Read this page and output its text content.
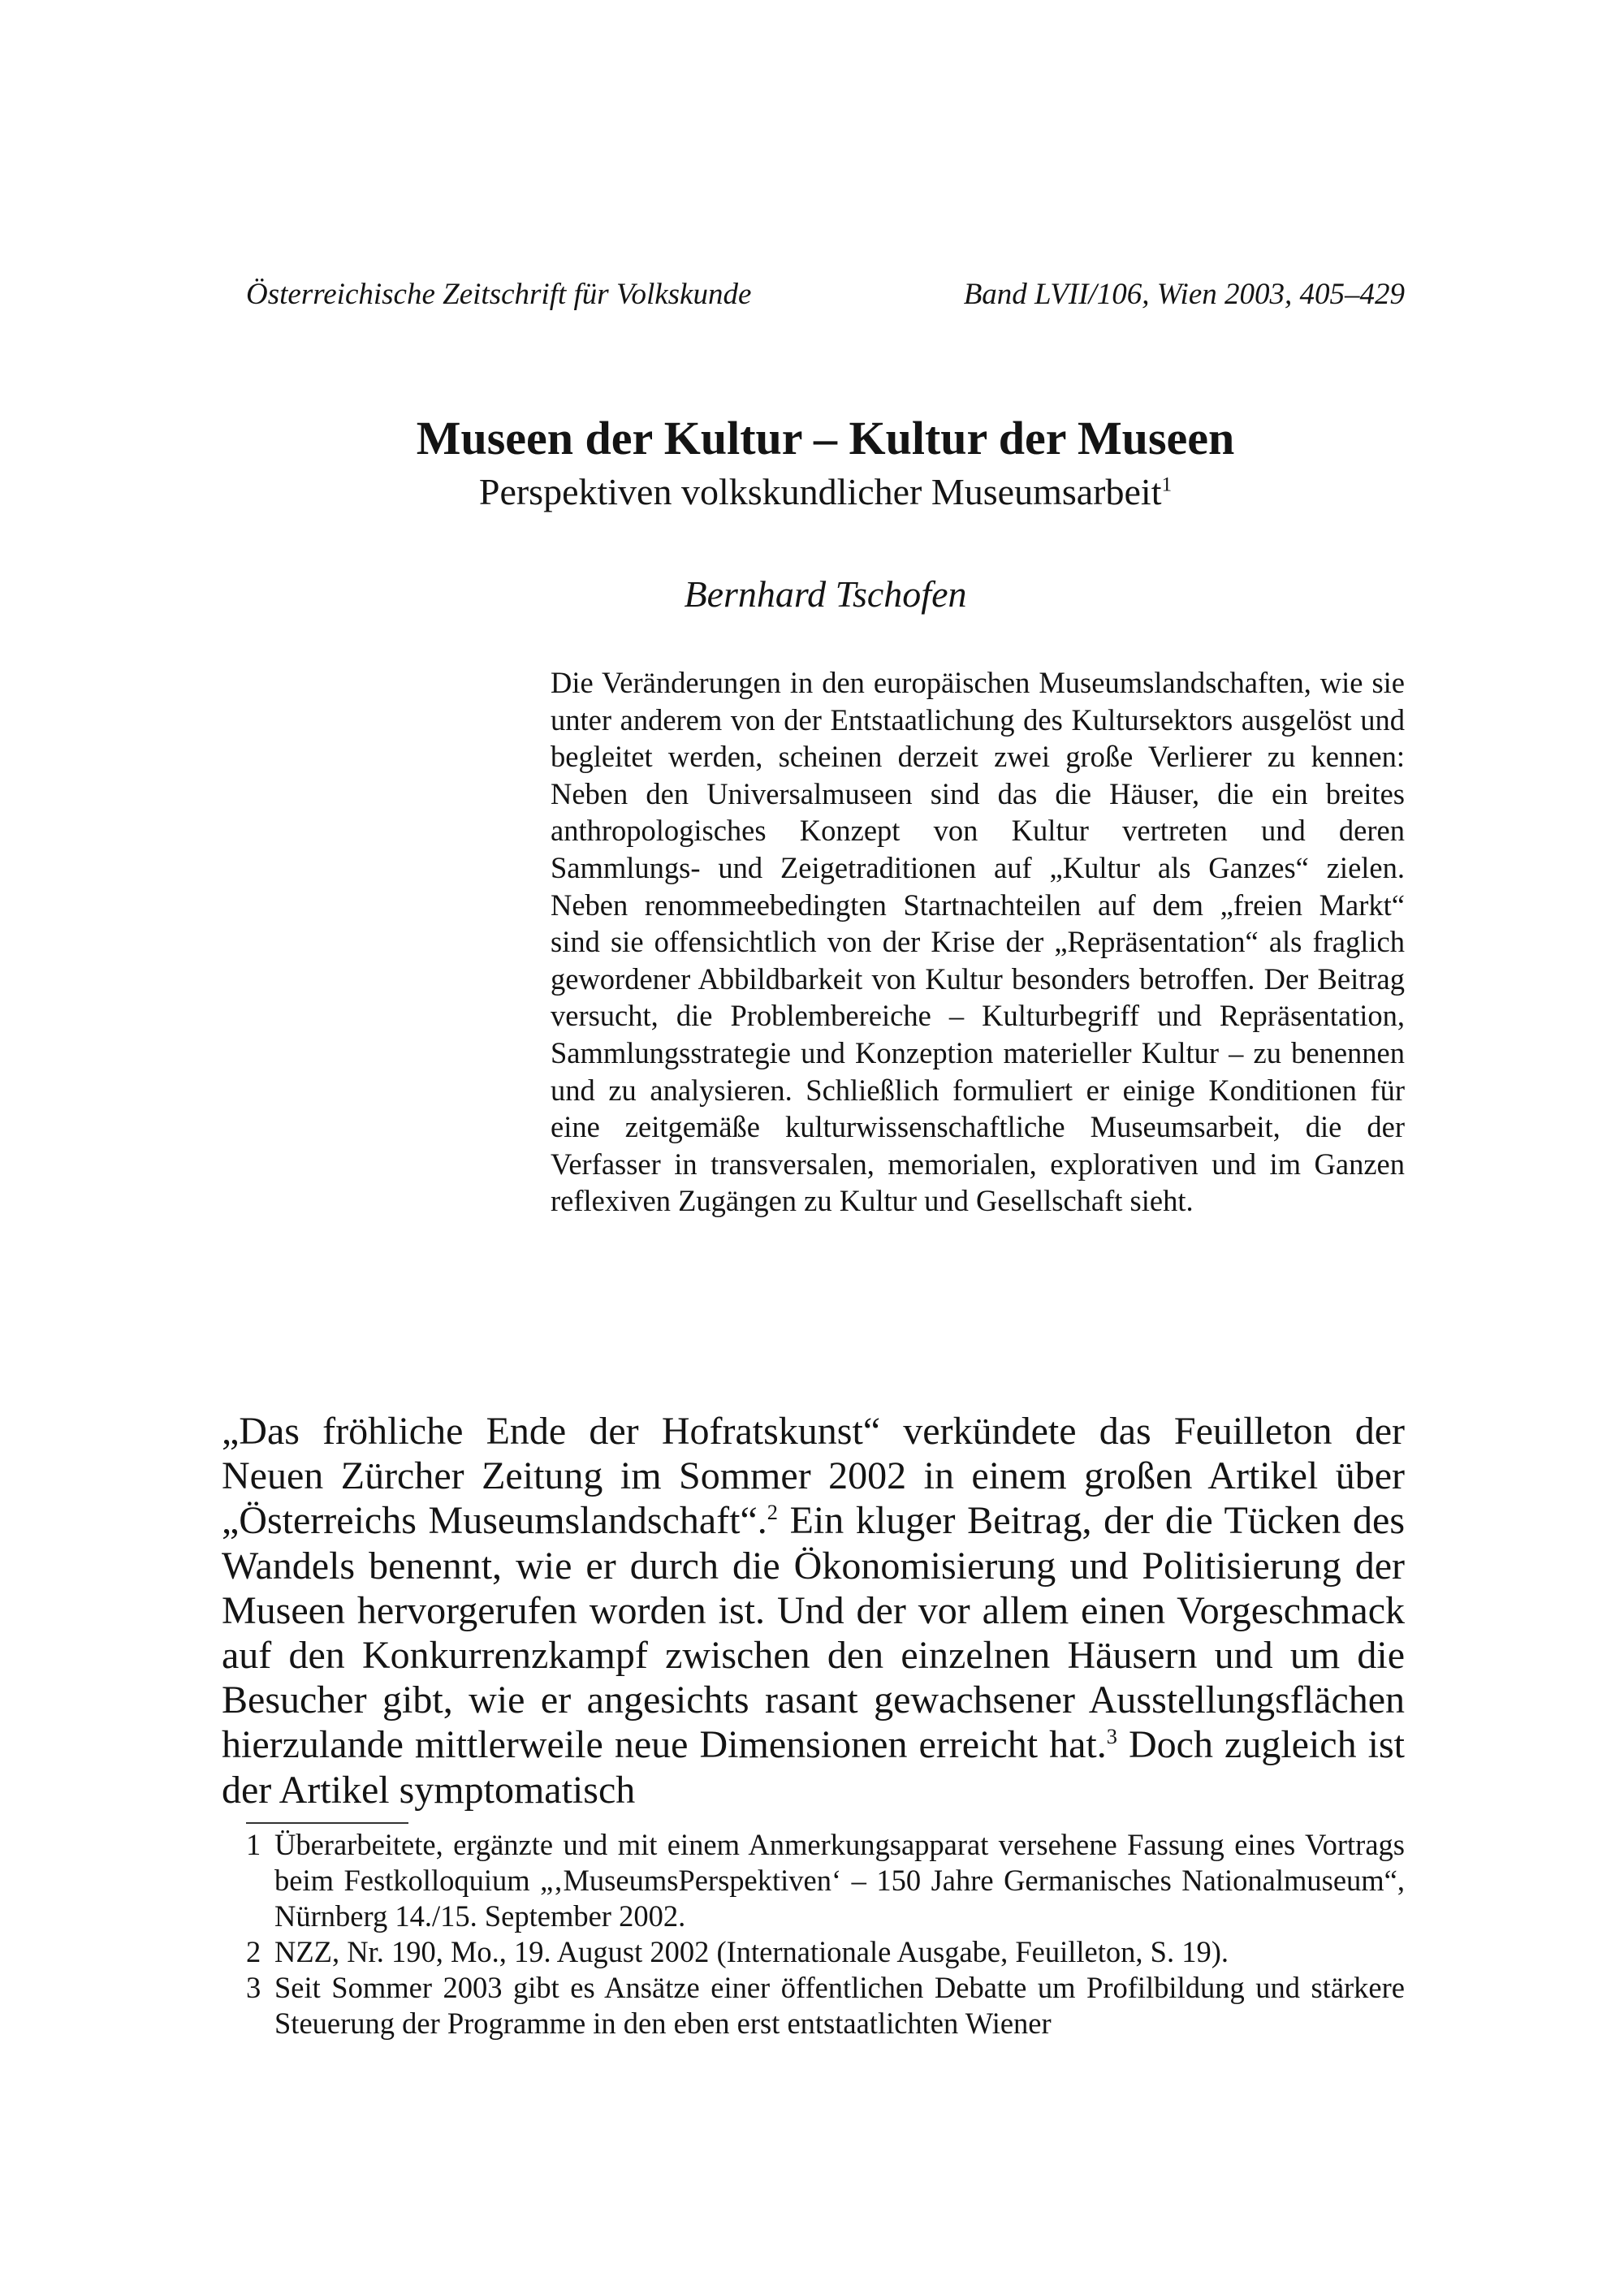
Österreichische Zeitschrift für Volkskunde	Band LVII/106, Wien 2003, 405–429
Museen der Kultur – Kultur der Museen
Perspektiven volkskundlicher Museumsarbeit$^1$
Bernhard Tschofen

Die Veränderungen in den europäischen Museumslandschaften, wie sie unter anderem von der Entstaatlichung des Kultursektors ausgelöst und begleitet werden, scheinen derzeit zwei große Verlierer zu kennen: Neben den Universalmuseen sind das die Häuser, die ein breites anthropologisches Konzept von Kultur vertreten und deren Sammlungs- und Zeigetraditionen auf „Kultur als Ganzes“ zielen. Neben renommeebedingten Startnachteilen auf dem „freien Markt“ sind sie offensichtlich von der Krise der „Repräsentation“ als fraglich gewordener Abbildbarkeit von Kultur besonders betroffen. Der Beitrag versucht, die Problembereiche – Kulturbegriff und Repräsentation, Sammlungsstrategie und Konzeption materieller Kultur – zu benennen und zu analysieren. Schließlich formuliert er einige Konditionen für eine zeitgemäße kulturwissenschaftliche Museumsarbeit, die der Verfasser in transversalen, memorialen, explorativen und im Ganzen reflexiven Zugängen zu Kultur und Gesellschaft sieht.

„Das fröhliche Ende der Hofratskunst“ verkündete das Feuilleton der Neuen Zürcher Zeitung im Sommer 2002 in einem großen Artikel über „Österreichs Museumslandschaft“.$^2$ Ein kluger Beitrag, der die Tücken des Wandels benennt, wie er durch die Ökonomisierung und Politisierung der Museen hervorgerufen worden ist. Und der vor allem einen Vorgeschmack auf den Konkurrenzkampf zwischen den einzelnen Häusern und um die Besucher gibt, wie er angesichts rasant gewachsener Ausstellungsflächen hierzulande mittlerweile neue Dimensionen erreicht hat.$^3$ Doch zugleich ist der Artikel symptomatisch

1 Überarbeitete, ergänzte und mit einem Anmerkungsapparat versehene Fassung eines Vortrags beim Festkolloquium „‚MuseumsPerspektiven‘ – 150 Jahre Germanisches Nationalmuseum“, Nürnberg 14./15. September 2002.

2 NZZ, Nr. 190, Mo., 19. August 2002 (Internationale Ausgabe, Feuilleton, S. 19).

3 Seit Sommer 2003 gibt es Ansätze einer öffentlichen Debatte um Profilbildung und stärkere Steuerung der Programme in den eben erst entstaatlichten Wiener
